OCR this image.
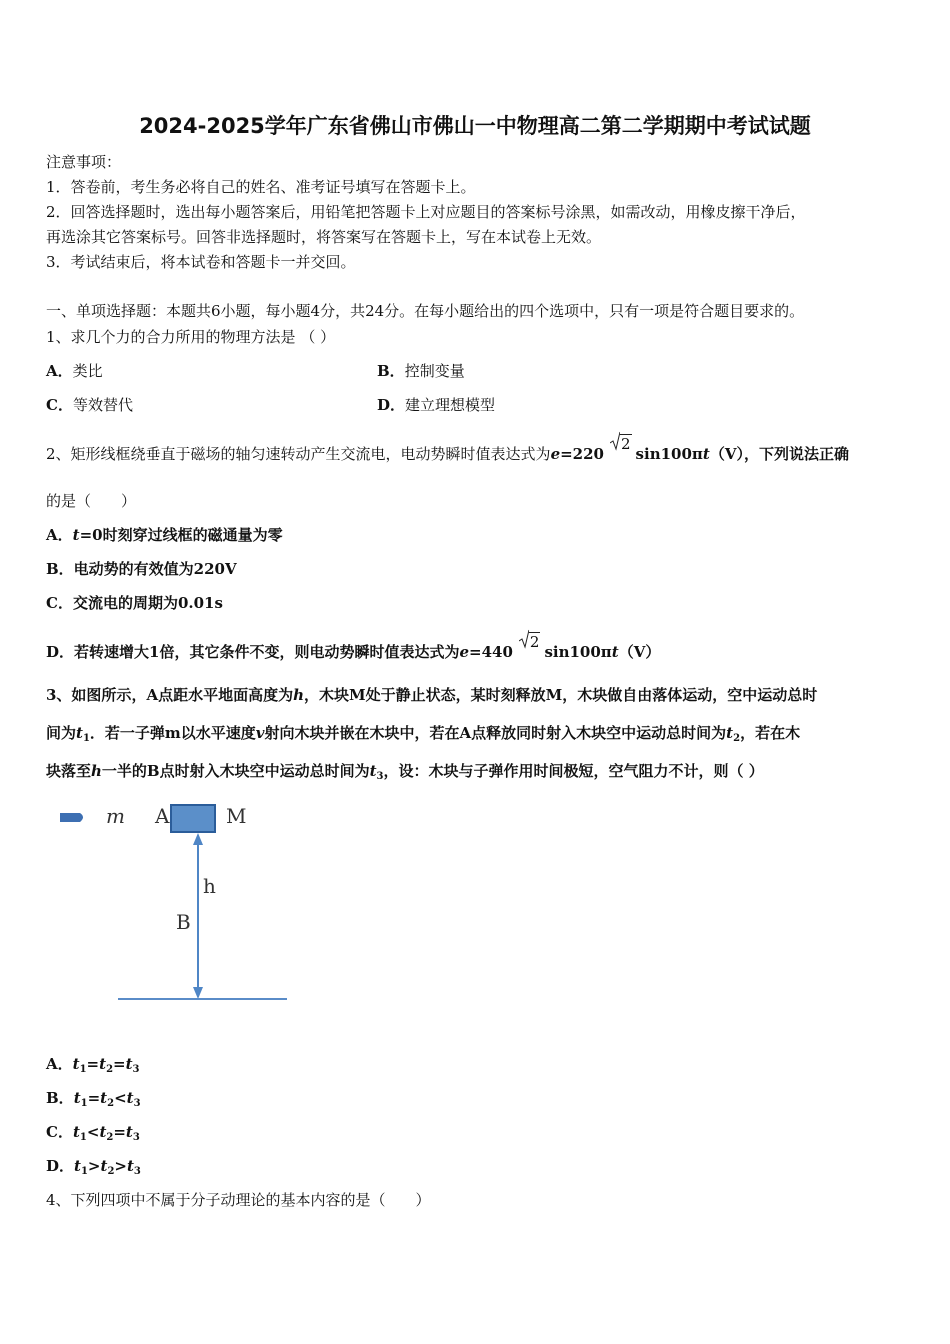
2024-2025学年广东省佛山市佛山一中物理高二第二学期期中考试试题
注意事项：
1．答卷前，考生务必将自己的姓名、准考证号填写在答题卡上。
2．回答选择题时，选出每小题答案后，用铅笔把答题卡上对应题目的答案标号涂黑，如需改动，用橡皮擦干净后，
再选涂其它答案标号。回答非选择题时，将答案写在答题卡上，写在本试卷上无效。
3．考试结束后，将本试卷和答题卡一并交回。
一、单项选择题：本题共6小题，每小题4分，共24分。在每小题给出的四个选项中，只有一项是符合题目要求的。
1、求几个力的合力所用的物理方法是 （ ）
A．类比	B．控制变量
C．等效替代	D．建立理想模型
2、矩形线框绕垂直于磁场的轴匀速转动产生交流电，电动势瞬时值表达式为e=2202sin100πt（V），下列说法正确
的是（　　）
A．t=0时刻穿过线框的磁通量为零
B．电动势的有效值为220V
C．交流电的周期为0.01s
D．若转速增大1倍，其它条件不变，则电动势瞬时值表达式为e=4402sin100πt（V）
3、如图所示，A点距水平地面高度为h，木块M处于静止状态，某时刻释放M，木块做自由落体运动，空中运动总时
间为$t_1$．若一子弹m以水平速度v射向木块并嵌在木块中，若在A点释放同时射入木块空中运动总时间为$t_2$，若在木
块落至h一半的B点时射入木块空中运动总时间为$t_3$，设：木块与子弹作用时间极短，空气阻力不计，则（ ）
m A	M
h
B
A．$t_1=t_2=t_3$
B．$t_1=t_2<t_3$
C．$t_1<t_2=t_3$
D．$t_1>t_2>t_3$
4、下列四项中不属于分子动理论的基本内容的是（　　）
